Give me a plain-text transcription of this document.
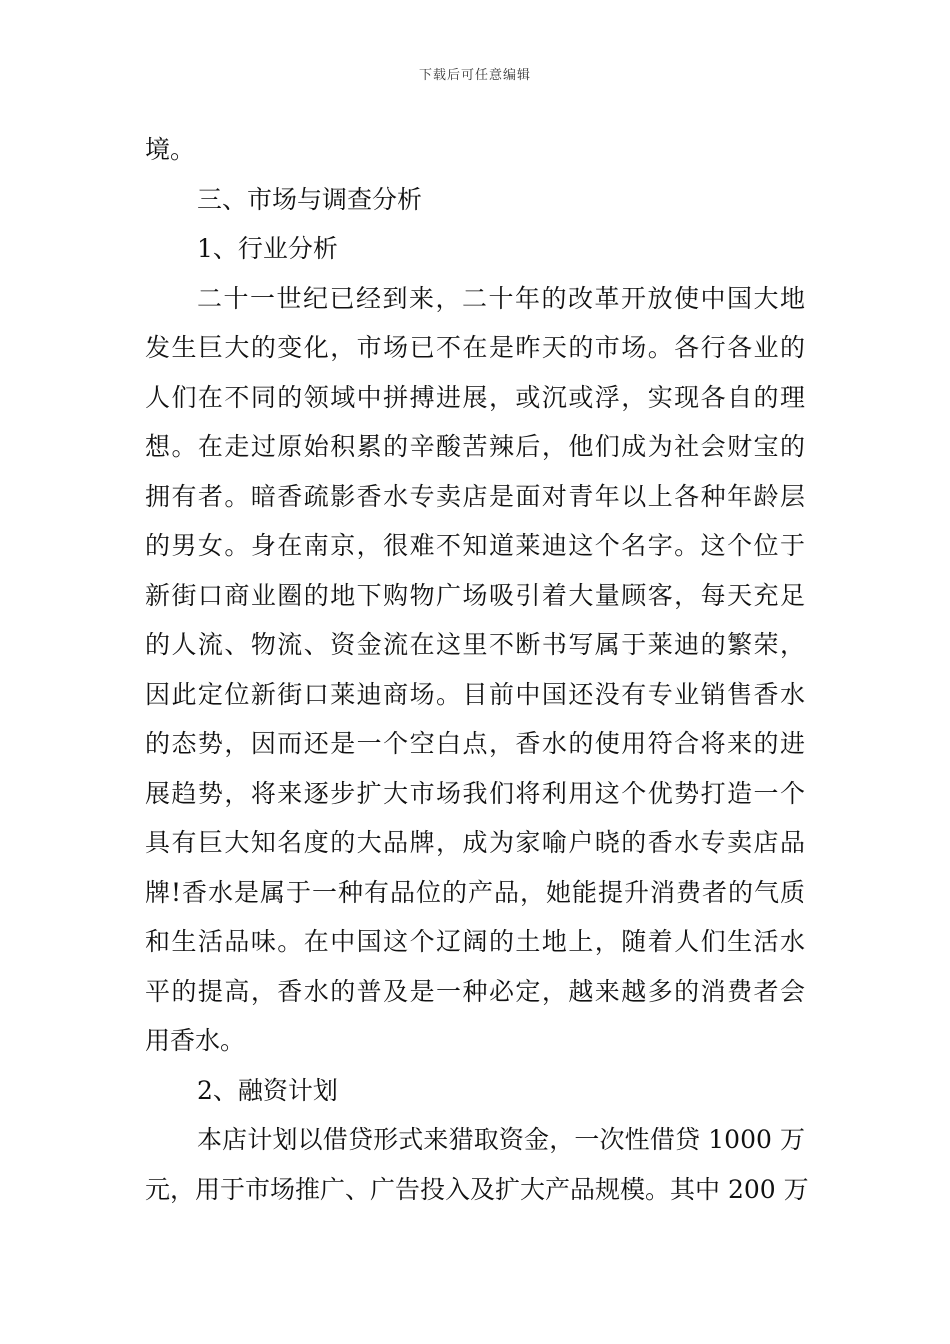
下载后可任意编辑
境。
三、市场与调查分析
1、行业分析
二十一世纪已经到来，二十年的改革开放使中国大地
发生巨大的变化，市场已不在是昨天的市场。各行各业的
人们在不同的领域中拼搏进展，或沉或浮，实现各自的理
想。在走过原始积累的辛酸苦辣后，他们成为社会财宝的
拥有者。暗香疏影香水专卖店是面对青年以上各种年龄层
的男女。身在南京，很难不知道莱迪这个名字。这个位于
新街口商业圈的地下购物广场吸引着大量顾客，每天充足
的人流、物流、资金流在这里不断书写属于莱迪的繁荣，
因此定位新街口莱迪商场。目前中国还没有专业销售香水
的态势，因而还是一个空白点，香水的使用符合将来的进
展趋势，将来逐步扩大市场我们将利用这个优势打造一个
具有巨大知名度的大品牌，成为家喻户晓的香水专卖店品
牌!香水是属于一种有品位的产品，她能提升消费者的气质
和生活品味。在中国这个辽阔的土地上，随着人们生活水
平的提高，香水的普及是一种必定，越来越多的消费者会
用香水。
2、融资计划
本店计划以借贷形式来猎取资金，一次性借贷 1000 万
元，用于市场推广、广告投入及扩大产品规模。其中 200 万
